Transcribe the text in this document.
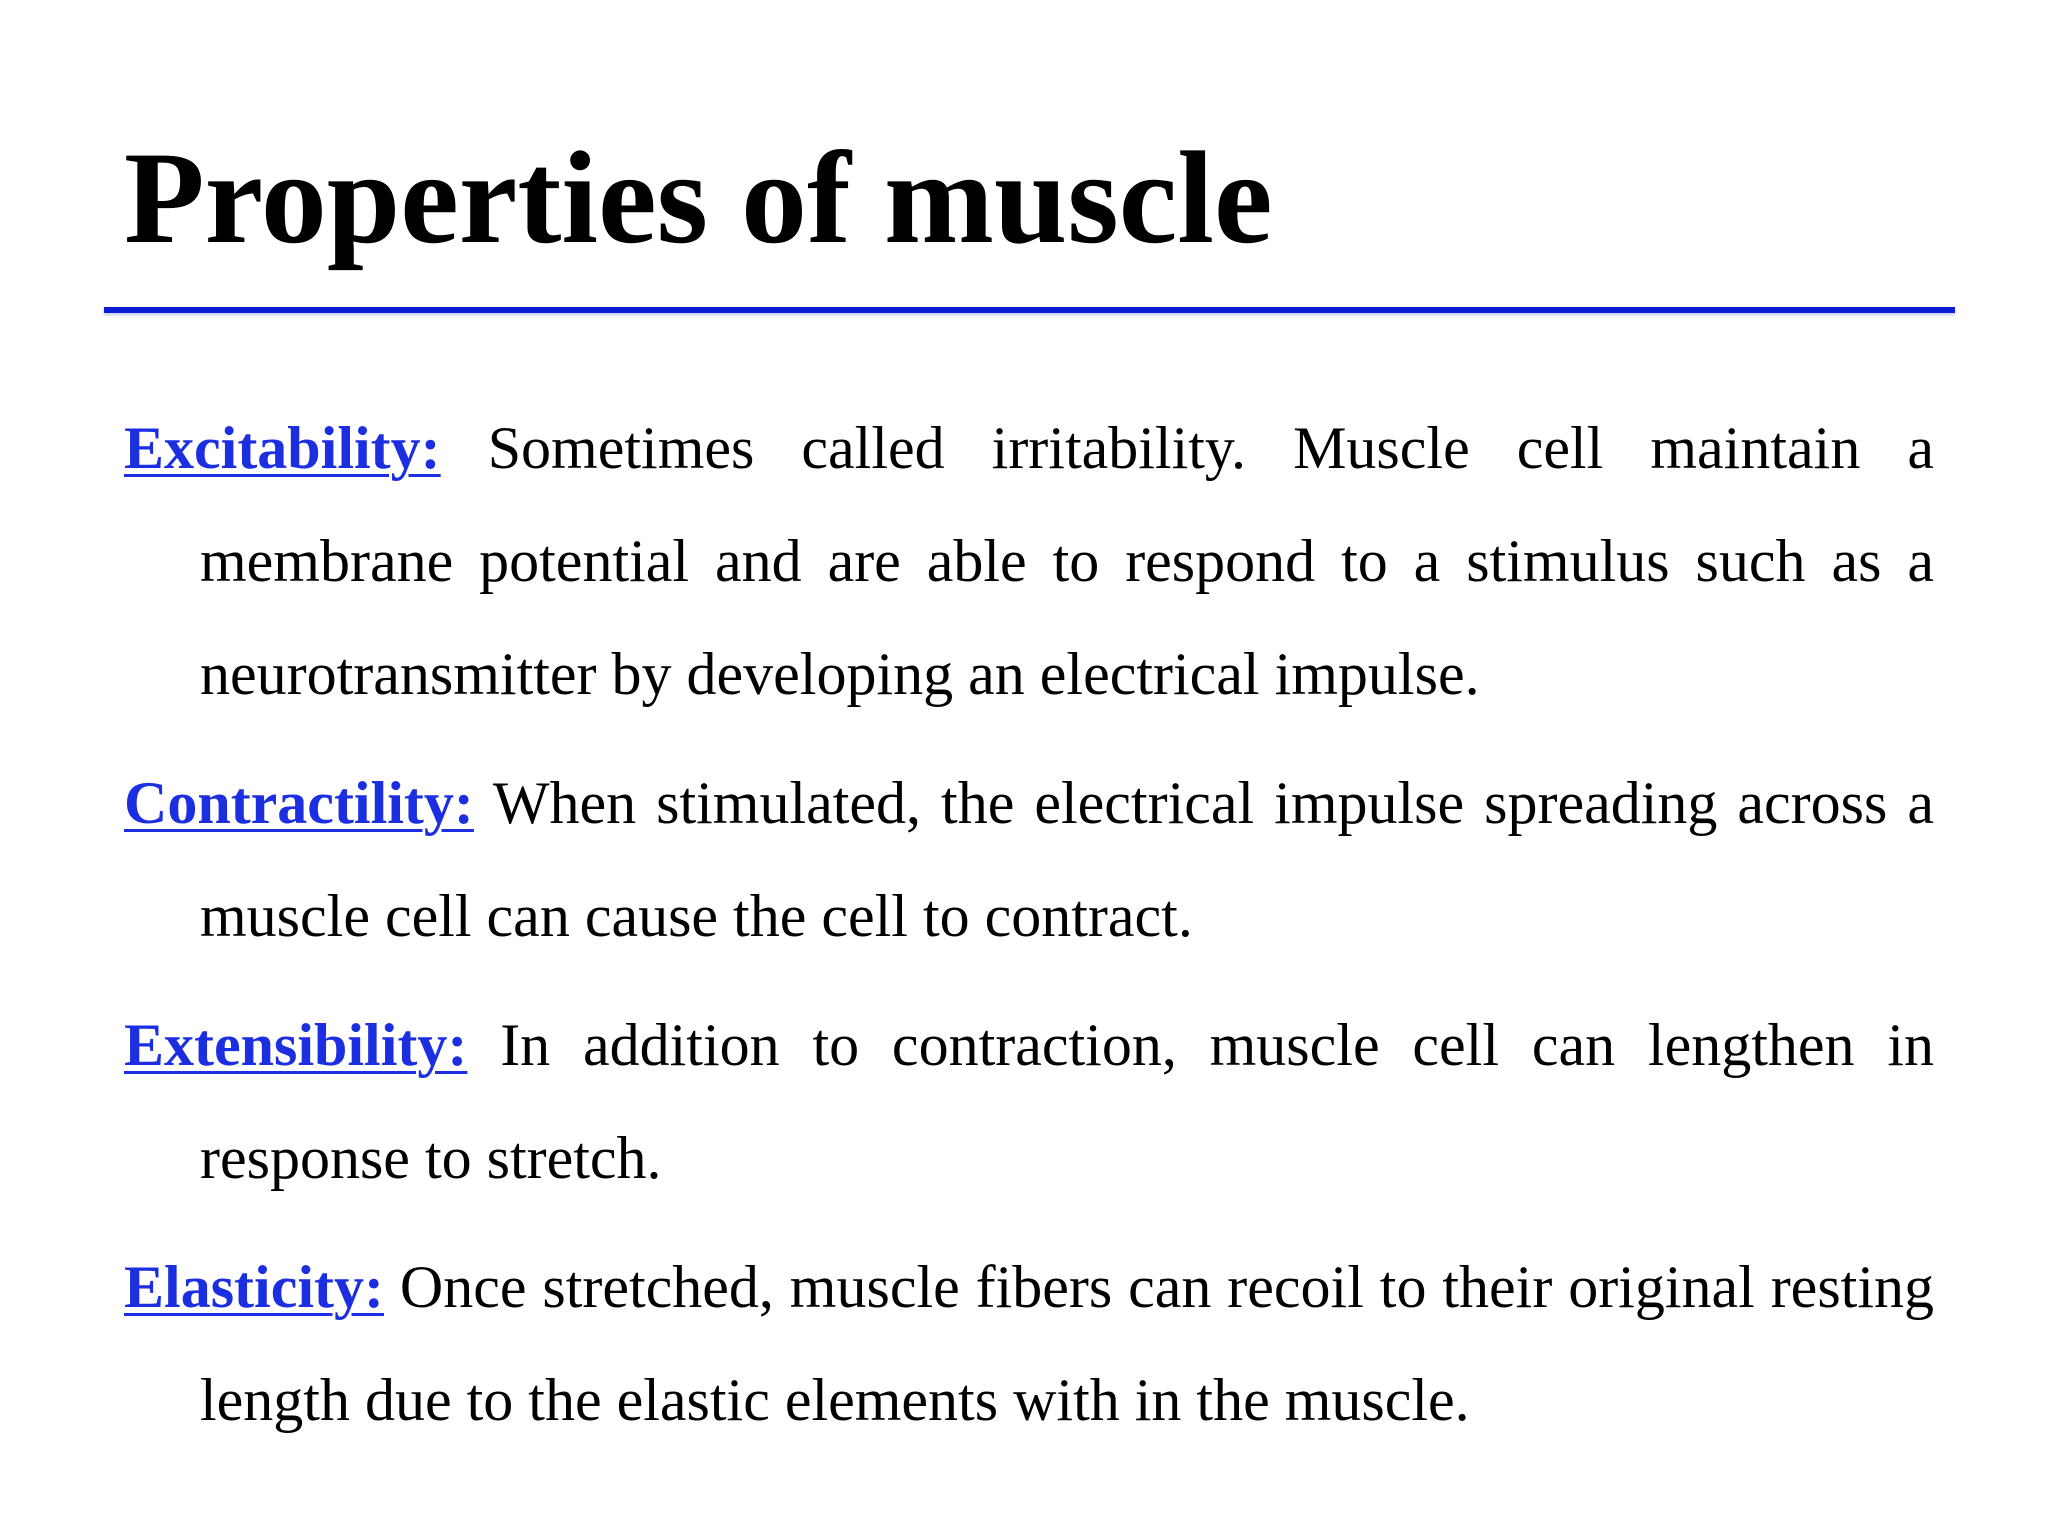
Properties of muscle

Excitability: Sometimes called irritability. Muscle cell maintain a membrane potential and are able to respond to a stimulus such as a neurotransmitter by developing an electrical impulse.

Contractility: When stimulated, the electrical impulse spreading across a muscle cell can cause the cell to contract.

Extensibility: In addition to contraction, muscle cell can lengthen in response to stretch.

Elasticity: Once stretched, muscle fibers can recoil to their original resting length due to the elastic elements with in the muscle.
